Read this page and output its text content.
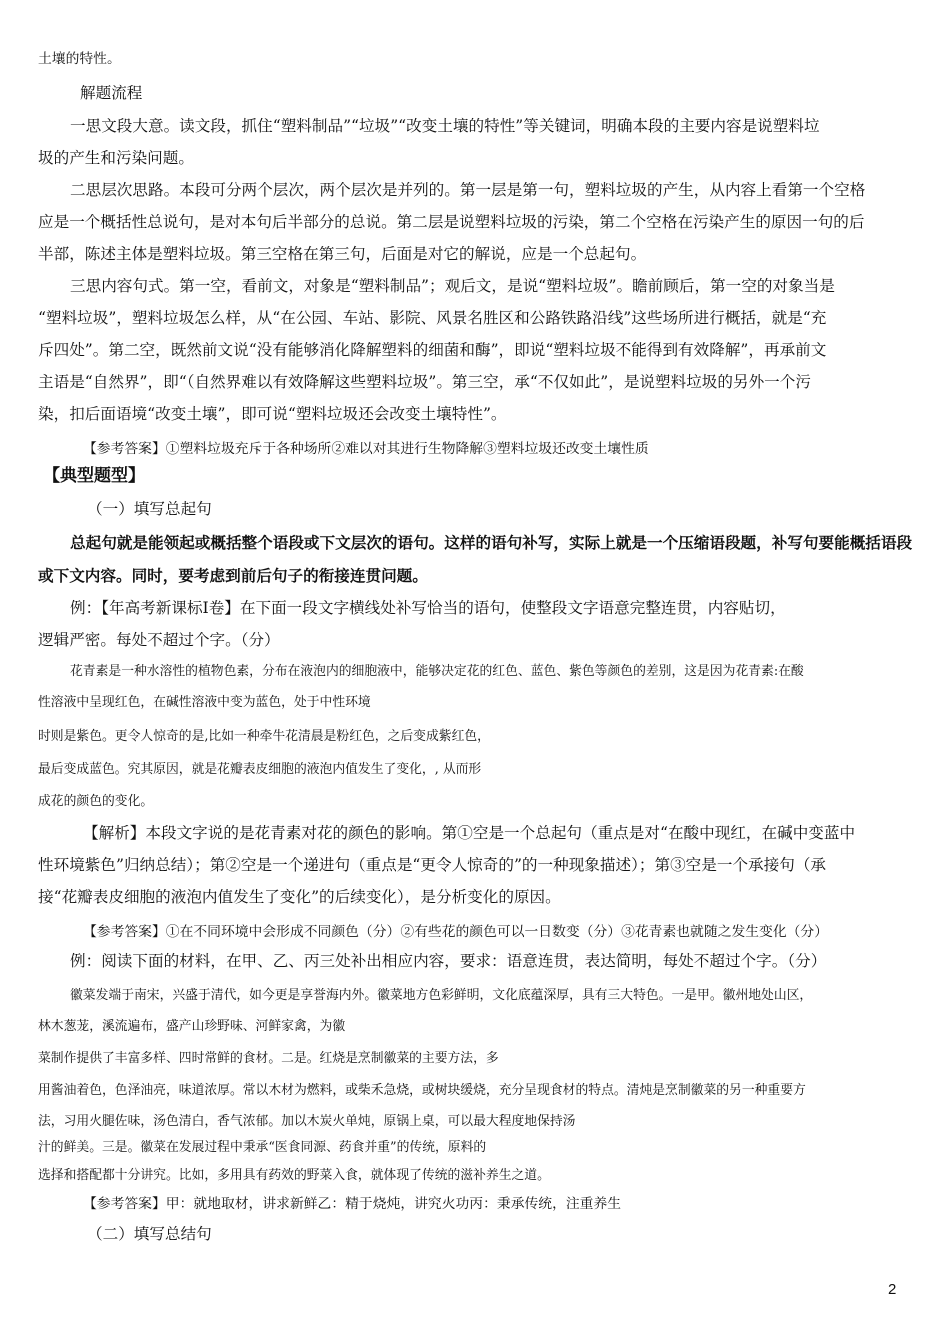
土壤的特性。
解题流程
一思文段大意。读文段，抓住“塑料制品”“垃圾”“改变土壤的特性”等关键词，明确本段的主要内容是说塑料垃
圾的产生和污染问题。
二思层次思路。本段可分两个层次，两个层次是并列的。第一层是第一句，塑料垃圾的产生，从内容上看第一个空格
应是一个概括性总说句，是对本句后半部分的总说。第二层是说塑料垃圾的污染，第二个空格在污染产生的原因一句的后
半部，陈述主体是塑料垃圾。第三空格在第三句，后面是对它的解说，应是一个总起句。
三思内容句式。第一空，看前文，对象是“塑料制品”；观后文，是说“塑料垃圾”。瞻前顾后，第一空的对象当是
“塑料垃圾”，塑料垃圾怎么样，从“在公园、车站、影院、风景名胜区和公路铁路沿线”这些场所进行概括，就是“充
斥四处”。第二空，既然前文说“没有能够消化降解塑料的细菌和酶”，即说“塑料垃圾不能得到有效降解”，再承前文
主语是“自然界”，即“（自然界难以有效降解这些塑料垃圾”。第三空，承“不仅如此”，是说塑料垃圾的另外一个污
染，扣后面语境“改变土壤”，即可说“塑料垃圾还会改变土壤特性”。
【参考答案】①塑料垃圾充斥于各种场所②难以对其进行生物降解③塑料垃圾还改变土壤性质
【典型题型】
（一）填写总起句
总起句就是能领起或概括整个语段或下文层次的语句。这样的语句补写，实际上就是一个压缩语段题，补写句要能概括语段
或下文内容。同时，要考虑到前后句子的衔接连贯问题。
例：【年高考新课标Ⅰ卷】在下面一段文字横线处补写恰当的语句，使整段文字语意完整连贯，内容贴切，
逻辑严密。每处不超过个字。（分）
花青素是一种水溶性的植物色素，分布在液泡内的细胞液中，能够决定花的红色、蓝色、紫色等颜色的差别，这是因为花青素:在酸
性溶液中呈现红色，在碱性溶液中变为蓝色，处于中性环境
时则是紫色。更令人惊奇的是,比如一种牵牛花清晨是粉红色，之后变成紫红色，
最后变成蓝色。究其原因，就是花瓣表皮细胞的液泡内值发生了变化，, 从而形
成花的颜色的变化。
【解析】本段文字说的是花青素对花的颜色的影响。第①空是一个总起句（重点是对“在酸中现红，在碱中变蓝中
性环境紫色”归纳总结）；第②空是一个递进句（重点是“更令人惊奇的”的一种现象描述）；第③空是一个承接句（承
接“花瓣表皮细胞的液泡内值发生了变化”的后续变化），是分析变化的原因。
【参考答案】①在不同环境中会形成不同颜色（分）②有些花的颜色可以一日数变（分）③花青素也就随之发生变化（分）
例：阅读下面的材料，在甲、乙、丙三处补出相应内容，要求：语意连贯，表达简明，每处不超过个字。（分）
徽菜发端于南宋，兴盛于清代，如今更是享誉海内外。徽菜地方色彩鲜明，文化底蕴深厚，具有三大特色。一是甲。徽州地处山区，
林木葱茏，溪流遍布，盛产山珍野味、河鲜家禽，为徽
菜制作提供了丰富多样、四时常鲜的食材。二是。红烧是烹制徽菜的主要方法，多
用酱油着色，色泽油亮，味道浓厚。常以木材为燃料，或柴禾急烧，或树块缓烧，充分呈现食材的特点。清炖是烹制徽菜的另一种重要方
法，习用火腿佐味，汤色清白，香气浓郁。加以木炭火单炖，原锅上桌，可以最大程度地保持汤
汁的鲜美。三是。徽菜在发展过程中秉承“医食同源、药食并重”的传统，原料的
选择和搭配都十分讲究。比如，多用具有药效的野菜入食，就体现了传统的滋补养生之道。
【参考答案】甲：就地取材，讲求新鲜乙：精于烧炖，讲究火功丙：秉承传统，注重养生
（二）填写总结句
2
